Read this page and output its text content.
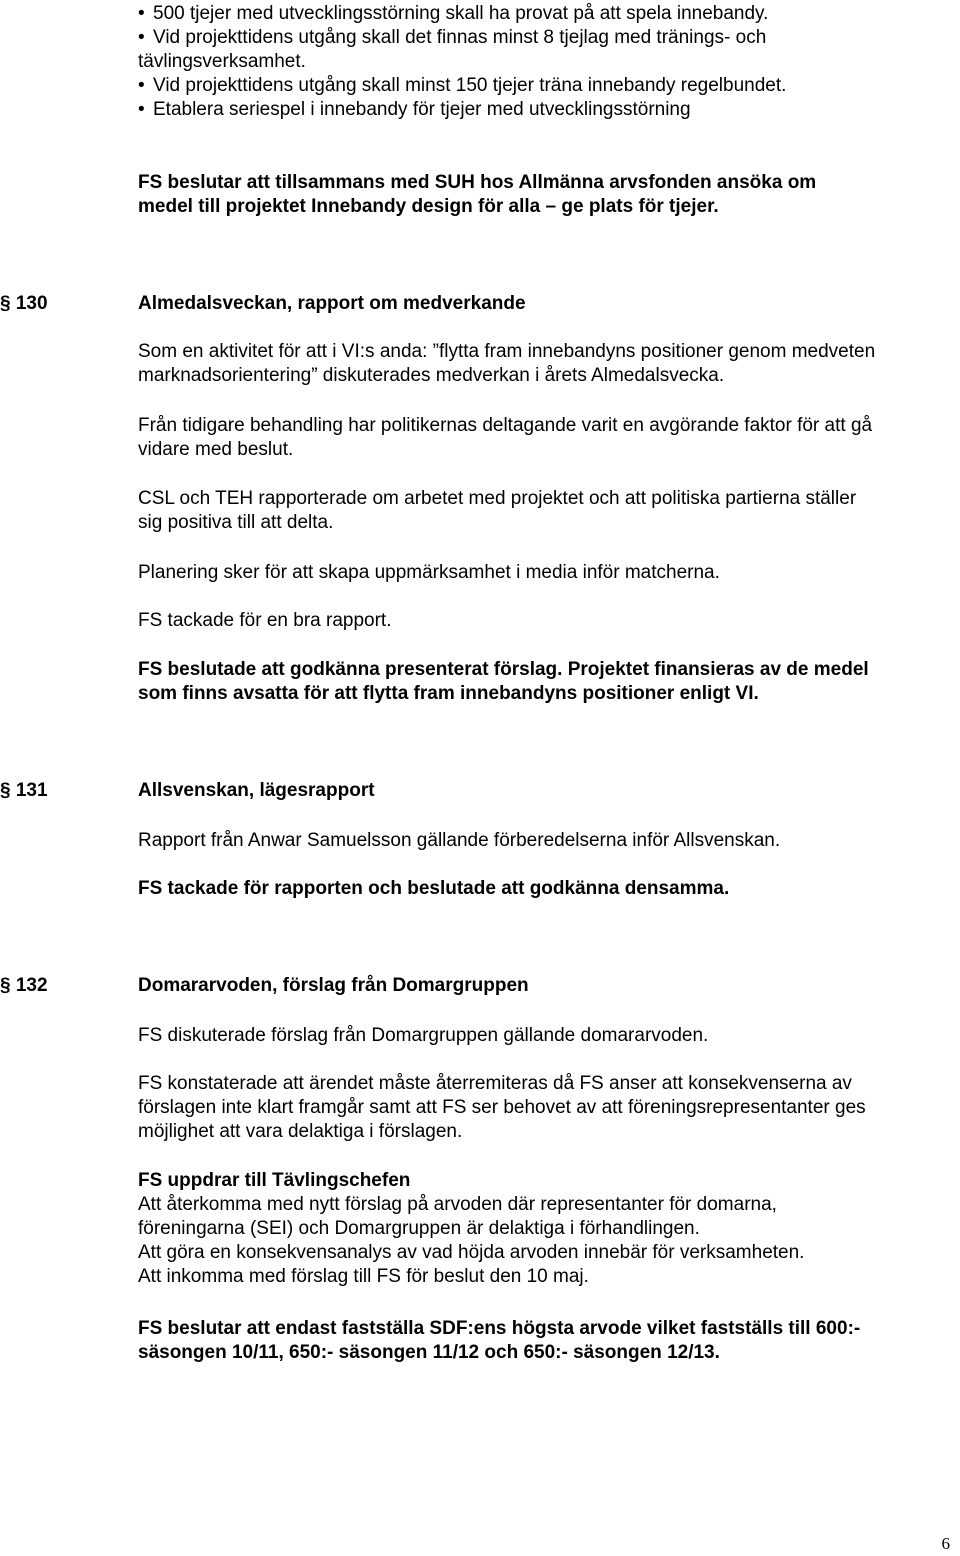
• 500 tjejer med utvecklingsstörning skall ha provat på att spela innebandy.
• Vid projekttidens utgång skall det finnas minst 8 tjejlag med tränings- och
tävlingsverksamhet.
• Vid projekttidens utgång skall minst 150 tjejer träna innebandy regelbundet.
• Etablera seriespel i innebandy för tjejer med utvecklingsstörning

FS beslutar att tillsammans med SUH hos Allmänna arvsfonden ansöka om

medel till projektet Innebandy design för alla – ge plats för tjejer.

§ 130	Almedalsveckan, rapport om medverkande

Som en aktivitet för att i VI:s anda: ”flytta fram innebandyns positioner genom medveten

marknadsorientering” diskuterades medverkan i årets Almedalsvecka.

Från tidigare behandling har politikernas deltagande varit en avgörande faktor för att gå

vidare med beslut.

CSL och TEH rapporterade om arbetet med projektet och att politiska partierna ställer

sig positiva till att delta.

Planering sker för att skapa uppmärksamhet i media inför matcherna.

FS tackade för en bra rapport.

FS beslutade att godkänna presenterat förslag. Projektet finansieras av de medel

som finns avsatta för att flytta fram innebandyns positioner enligt VI.

§ 131	Allsvenskan, lägesrapport

Rapport från Anwar Samuelsson gällande förberedelserna inför Allsvenskan.

FS tackade för rapporten och beslutade att godkänna densamma.

§ 132	Domararvoden, förslag från Domargruppen

FS diskuterade förslag från Domargruppen gällande domararvoden.

FS konstaterade att ärendet måste återremiteras då FS anser att konsekvenserna av

förslagen inte klart framgår samt att FS ser behovet av att föreningsrepresentanter ges

möjlighet att vara delaktiga i förslagen.

FS uppdrar till Tävlingschefen

Att återkomma med nytt förslag på arvoden där representanter för domarna,

föreningarna (SEI) och Domargruppen är delaktiga i förhandlingen.

Att göra en konsekvensanalys av vad höjda arvoden innebär för verksamheten.

Att inkomma med förslag till FS för beslut den 10 maj.

FS beslutar att endast fastställa SDF:ens högsta arvode vilket fastställs till 600:-

säsongen 10/11, 650:- säsongen 11/12 och 650:- säsongen 12/13.

6
